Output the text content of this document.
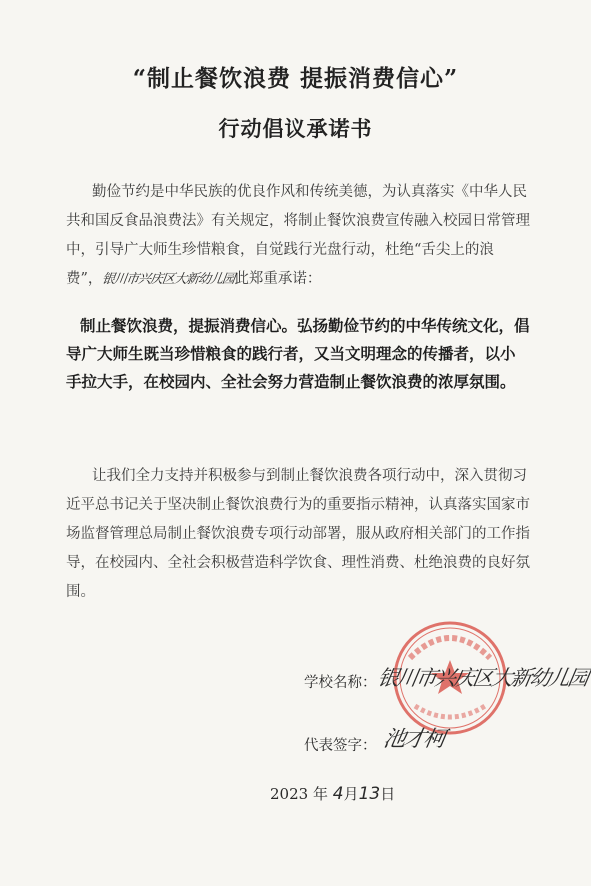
“制止餐饮浪费 提振消费信心”
行动倡议承诺书

勤俭节约是中华民族的优良作风和传统美德，为认真落实《中华人民共和国反食品浪费法》有关规定，将制止餐饮浪费宣传融入校园日常管理中，引导广大师生珍惜粮食，自觉践行光盘行动，杜绝“舌尖上的浪费”，银川市兴庆区大新幼儿园此郑重承诺：

制止餐饮浪费，提振消费信心。弘扬勤俭节约的中华传统文化，倡导广大师生既当珍惜粮食的践行者，又当文明理念的传播者，以小手拉大手，在校园内、全社会努力营造制止餐饮浪费的浓厚氛围。

让我们全力支持并积极参与到制止餐饮浪费各项行动中，深入贯彻习近平总书记关于坚决制止餐饮浪费行为的重要指示精神，认真落实国家市场监督管理总局制止餐饮浪费专项行动部署，服从政府相关部门的工作指导，在校园内、全社会积极营造科学饮食、理性消费、杜绝浪费的良好氛围。

学校名称： 银川市兴庆区大新幼儿园
代表签字： 池才柯
2023 年 4月13日
